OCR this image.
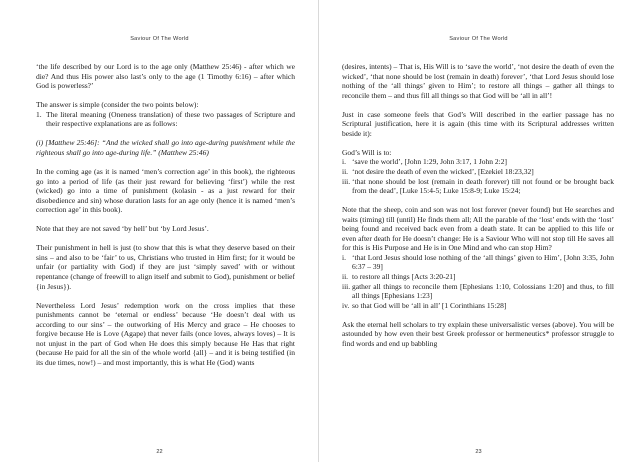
Saviour Of The World

‘the life described by our Lord is to the age only (Matthew 25:46) - after which we die? And thus His power also last’s only to the age (1 Timothy 6:16) – after which God is powerless?’

The answer is simple (consider the two points below):

1. The literal meaning (Oneness translation) of these two passages of Scripture and their respective explanations are as follows:

(i) [Matthew 25:46]: “And the wicked shall go into age-during punishment while the righteous shall go into age-during life.” (Matthew 25:46)

In the coming age (as it is named ‘men’s correction age’ in this book), the righteous go into a period of life (as their just reward for believing ‘first’) while the rest (wicked) go into a time of punishment (kolasin - as a just reward for their disobedience and sin) whose duration lasts for an age only (hence it is named ‘men’s correction age’ in this book).

Note that they are not saved ‘by hell’ but ‘by Lord Jesus’.

Their punishment in hell is just (to show that this is what they deserve based on their sins – and also to be ‘fair’ to us, Christians who trusted in Him first; for it would be unfair (or partiality with God) if they are just ‘simply saved’ with or without repentance (change of freewill to align itself and submit to God), punishment or belief {in Jesus}).

Nevertheless Lord Jesus’ redemption work on the cross implies that these punishments cannot be ‘eternal or endless’ because ‘He doesn’t deal with us according to our sins’ – the outworking of His Mercy and grace – He chooses to forgive because He is Love (Agape) that never fails (once loves, always loves) – It is not unjust in the part of God when He does this simply because He Has that right (because He paid for all the sin of the whole world {all} – and it is being testified (in its due times, now!) – and most importantly, this is what He (God) wants

22
Saviour Of The World

(desires, intents) – That is, His Will is to ‘save the world’, ‘not desire the death of even the wicked’, ‘that none should be lost (remain in death) forever’, ‘that Lord Jesus should lose nothing of the ‘all things’ given to Him’; to restore all things – gather all things to reconcile them – and thus fill all things so that God will be ‘all in all’!

Just in case someone feels that God’s Will described in the earlier passage has no Scriptural justification, here it is again (this time with its Scriptural addresses written beside it):

God’s Will is to:

i. ‘save the world’, [John 1:29, John 3:17, 1 John 2:2]
ii. ‘not desire the death of even the wicked’, [Ezekiel 18:23,32]
iii. ‘that none should be lost (remain in death forever) till not found or be brought back from the dead’, [Luke 15:4-5; Luke 15:8-9; Luke 15:24;

Note that the sheep, coin and son was not lost forever (never found) but He searches and waits (timing) till (until) He finds them all; All the parable of the ‘lost’ ends with the ‘lost’ being found and received back even from a death state. It can be applied to this life or even after death for He doesn’t change: He is a Saviour Who will not stop till He saves all for this is His Purpose and He is in One Mind and who can stop Him?

i. ‘that Lord Jesus should lose nothing of the ‘all things’ given to Him’, [John 3:35, John 6:37 – 39]
ii. to restore all things [Acts 3:20-21]
iii. gather all things to reconcile them [Ephesians 1:10, Colossians 1:20] and thus, to fill all things [Ephesians 1:23]
iv. so that God will be ‘all in all’ [1 Corinthians 15:28]

Ask the eternal hell scholars to try explain these universalistic verses (above). You will be astounded by how even their best Greek professor or hermeneutics* professor struggle to find words and end up babbling

23
